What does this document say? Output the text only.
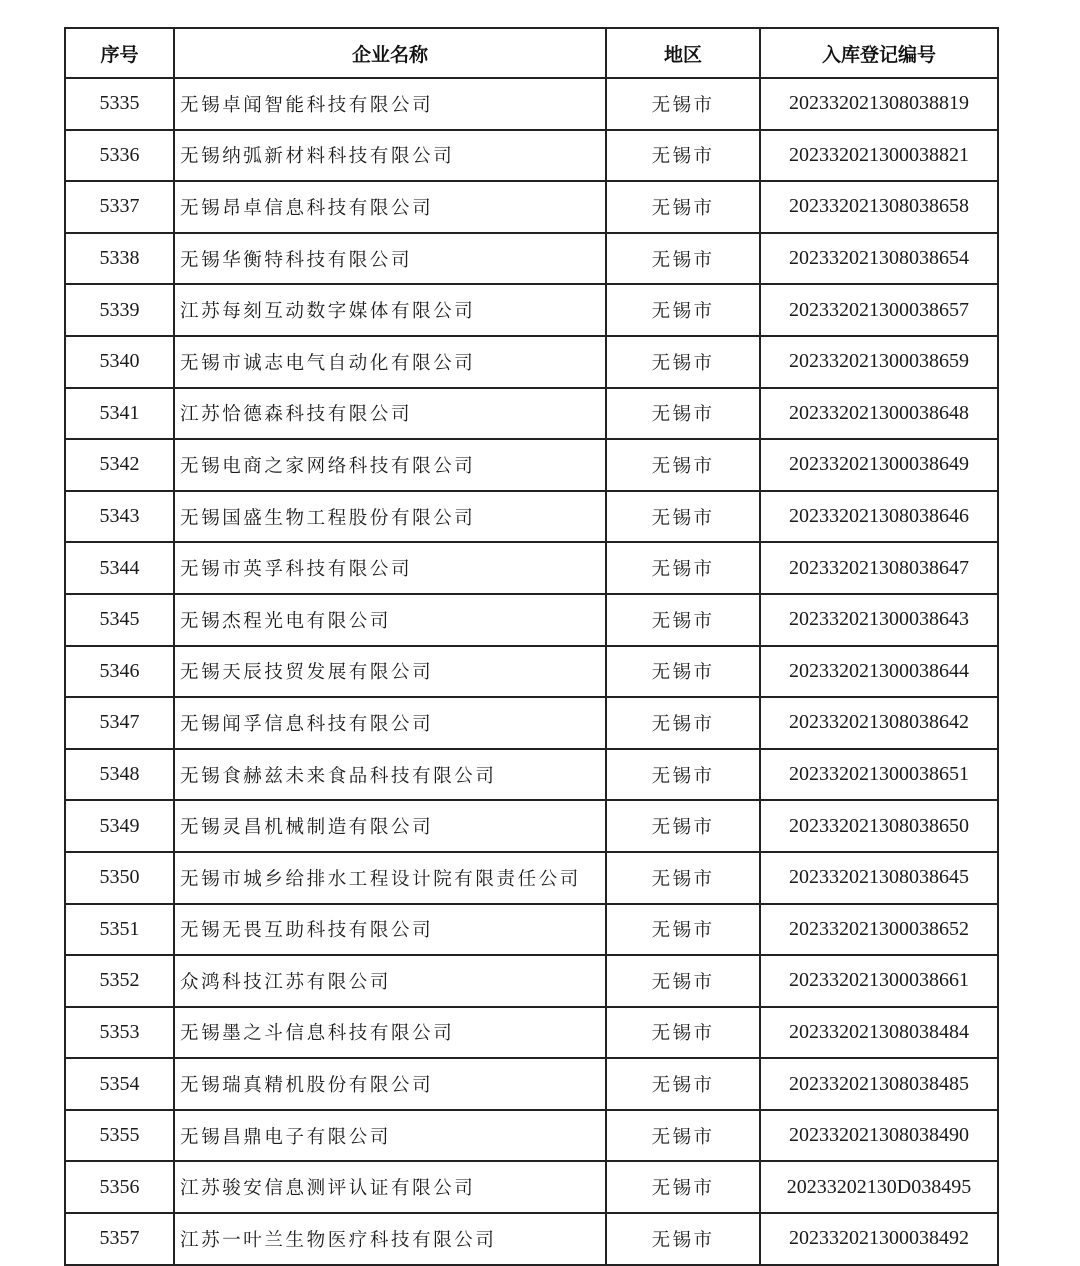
序号	企业名称	地区	入库登记编号
5335	无锡卓闻智能科技有限公司	无锡市	202332021308038819
5336	无锡纳弧新材料科技有限公司	无锡市	202332021300038821
5337	无锡昂卓信息科技有限公司	无锡市	202332021308038658
5338	无锡华衡特科技有限公司	无锡市	202332021308038654
5339	江苏每刻互动数字媒体有限公司	无锡市	202332021300038657
5340	无锡市诚志电气自动化有限公司	无锡市	202332021300038659
5341	江苏恰德森科技有限公司	无锡市	202332021300038648
5342	无锡电商之家网络科技有限公司	无锡市	202332021300038649
5343	无锡国盛生物工程股份有限公司	无锡市	202332021308038646
5344	无锡市英孚科技有限公司	无锡市	202332021308038647
5345	无锡杰程光电有限公司	无锡市	202332021300038643
5346	无锡天辰技贸发展有限公司	无锡市	202332021300038644
5347	无锡闻孚信息科技有限公司	无锡市	202332021308038642
5348	无锡食赫兹未来食品科技有限公司	无锡市	202332021300038651
5349	无锡灵昌机械制造有限公司	无锡市	202332021308038650
5350	无锡市城乡给排水工程设计院有限责任公司	无锡市	202332021308038645
5351	无锡无畏互助科技有限公司	无锡市	202332021300038652
5352	众鸿科技江苏有限公司	无锡市	202332021300038661
5353	无锡墨之斗信息科技有限公司	无锡市	202332021308038484
5354	无锡瑞真精机股份有限公司	无锡市	202332021308038485
5355	无锡昌鼎电子有限公司	无锡市	202332021308038490
5356	江苏骏安信息测评认证有限公司	无锡市	20233202130D038495
5357	江苏一叶兰生物医疗科技有限公司	无锡市	202332021300038492
